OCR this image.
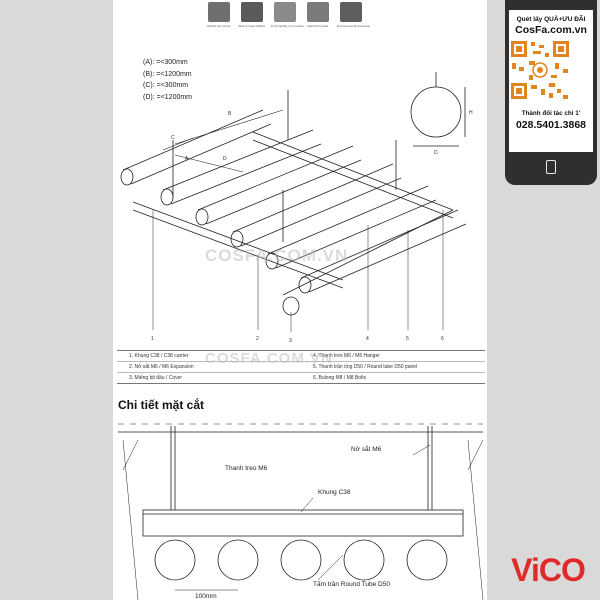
Absorb the sound	Able to bear shifting Proof acidity of corrosion Absorb the heat	Environmental protection
(A): =<300mm
(B): =<1200mm
(C): =<300mm
(D): =<1200mm
B
C
D
A
H
D
1	2	3	4	5	6
COSFA.COM.VN
1. Khung C38 / C38 carrier	4. Thanh treo M6 / M6 Hanger
2. Nở sắt M6 / M6 Expansion	5. Thanh trần ống D50 / Round tube D50 panel
3. Miếng bịt đầu / Cover	6. Bulong M8 / M8 Bolts
COSFA.COM.VN
Chi tiết mặt cắt
Thanh treo M6
Nở sắt M6
Khung C38
Tấm trần Round Tube D50
100mm
Quét lấy QUÀ+ƯU ĐÃI
CosFa.com.vn
Thành đối tác chỉ 1'
028.5401.3868
ViCO
